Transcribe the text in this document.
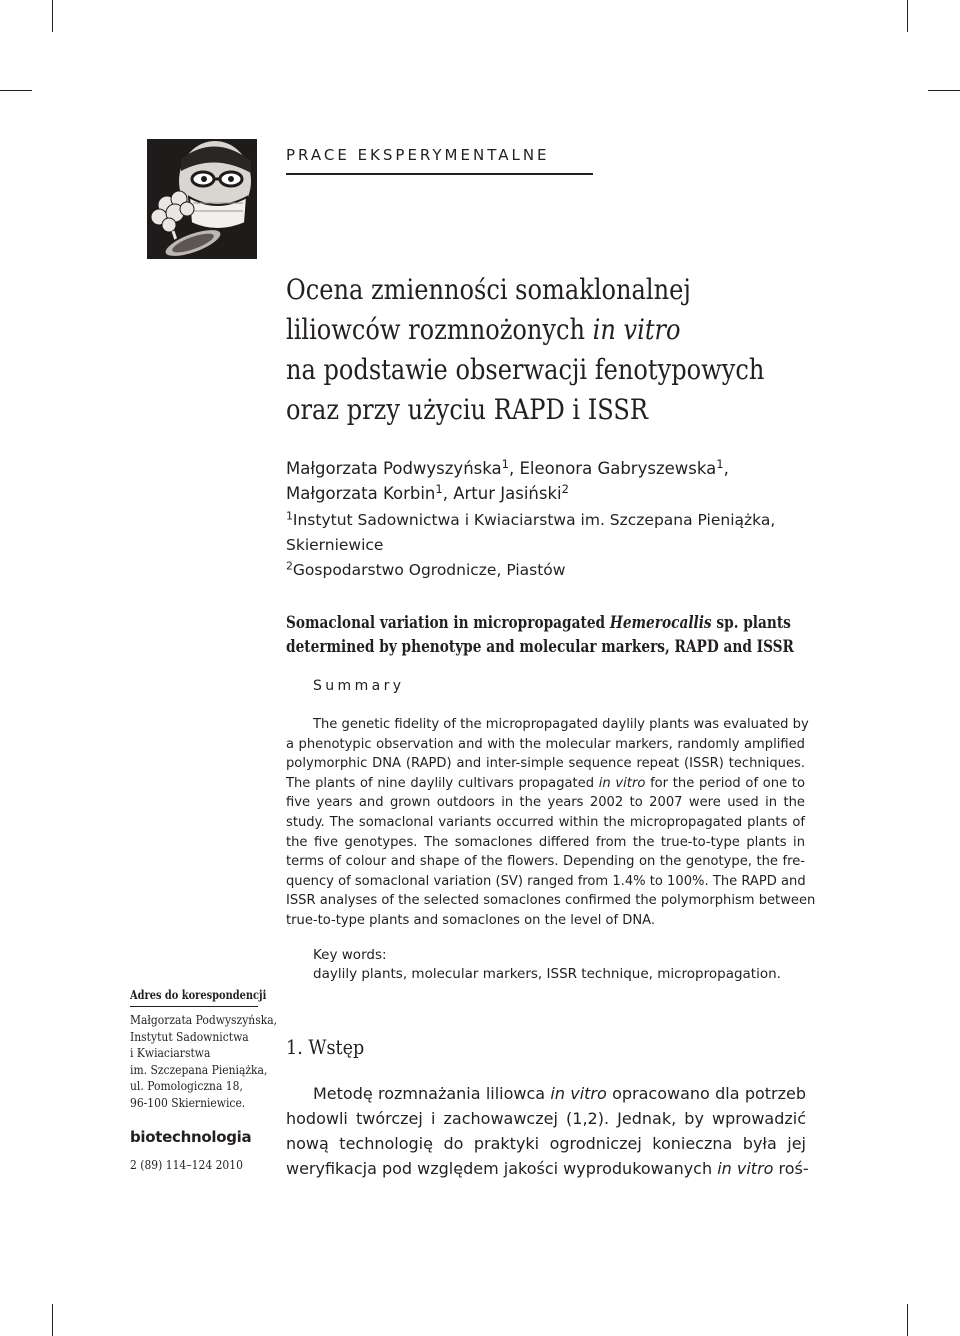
PRACE EKSPERYMENTALNE
Ocena zmienności somaklonalnej
liliowców rozmnożonych in vitro
na podstawie obserwacji fenotypowych
oraz przy użyciu RAPD i ISSR
Małgorzata Podwyszyńska$^1$, Eleonora Gabryszewska$^1$,
Małgorzata Korbin$^1$, Artur Jasiński$^2$
$^1$Instytut Sadownictwa i Kwiaciarstwa im. Szczepana Pieniążka,
Skierniewice
$^2$Gospodarstwo Ogrodnicze, Piastów
Somaclonal variation in micropropagated Hemerocallis sp. plants
determined by phenotype and molecular markers, RAPD and ISSR
Summary
The genetic fidelity of the micropropagated daylily plants was evaluated by
a phenotypic observation and with the molecular markers, randomly amplified
polymorphic DNA (RAPD) and inter-simple sequence repeat (ISSR) techniques.
The plants of nine daylily cultivars propagated in vitro for the period of one to
five years and grown outdoors in the years 2002 to 2007 were used in the
study. The somaclonal variants occurred within the micropropagated plants of
the five genotypes. The somaclones differed from the true-to-type plants in
terms of colour and shape of the flowers. Depending on the genotype, the fre-
quency of somaclonal variation (SV) ranged from 1.4% to 100%. The RAPD and
ISSR analyses of the selected somaclones confirmed the polymorphism between
true-to-type plants and somaclones on the level of DNA.
Key words:
daylily plants, molecular markers, ISSR technique, micropropagation.
Adres do korespondencji
Małgorzata Podwyszyńska,
Instytut Sadownictwa
i Kwiaciarstwa
im. Szczepana Pieniążka,
ul. Pomologiczna 18,
96-100 Skierniewice.
biotechnologia
2 (89) 114–124 2010
1. Wstęp
Metodę rozmnażania liliowca in vitro opracowano dla potrzeb
hodowli twórczej i zachowawczej (1,2). Jednak, by wprowadzić
nową technologię do praktyki ogrodniczej konieczna była jej
weryfikacja pod względem jakości wyprodukowanych in vitro roś-
